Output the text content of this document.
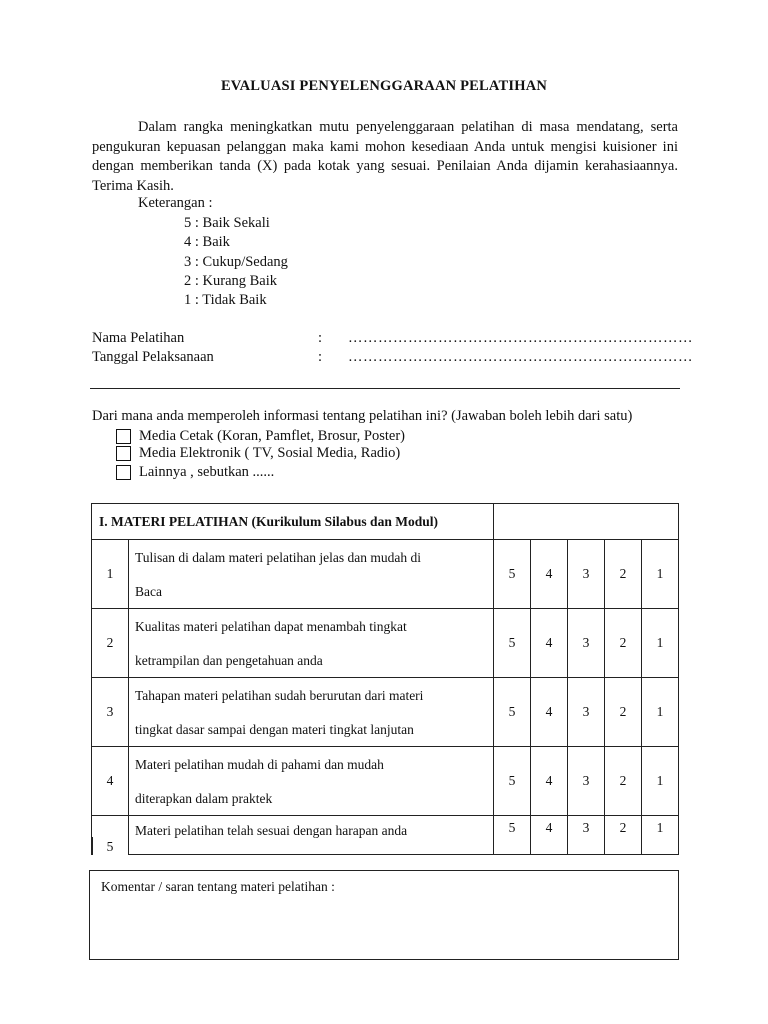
EVALUASI PENYELENGGARAAN PELATIHAN
Dalam rangka meningkatkan mutu penyelenggaraan pelatihan di masa mendatang, serta pengukuran kepuasan pelanggan maka kami mohon kesediaan Anda untuk mengisi kuisioner ini dengan memberikan tanda (X) pada kotak yang sesuai. Penilaian Anda dijamin kerahasiaannya. Terima Kasih.
Keterangan :
5 : Baik Sekali
4 : Baik
3 : Cukup/Sedang
2 : Kurang Baik
1 : Tidak Baik
Nama Pelatihan	: ……………………………………………………………
Tanggal Pelaksanaan	: ……………………………………………………………
Dari mana anda memperoleh informasi tentang pelatihan ini? (Jawaban boleh lebih dari satu)
Media Cetak (Koran, Pamflet, Brosur, Poster)
Media Elektronik ( TV, Sosial Media, Radio)
Lainnya , sebutkan ......
I. MATERI PELATIHAN (Kurikulum Silabus dan Modul)						
1	Tulisan di dalam materi pelatihan jelas dan mudah di
Baca	5	4	3	2	1
2	Kualitas materi pelatihan dapat menambah tingkat
ketrampilan dan pengetahuan anda	5	4	3	2	1
3	Tahapan materi pelatihan sudah berurutan dari materi
tingkat dasar sampai dengan materi tingkat lanjutan	5	4	3	2	1
4	Materi pelatihan mudah di pahami dan mudah
diterapkan dalam praktek	5	4	3	2	1
5	Materi pelatihan telah sesuai dengan harapan anda	5	4	3	2	1
Komentar / saran tentang materi pelatihan :
